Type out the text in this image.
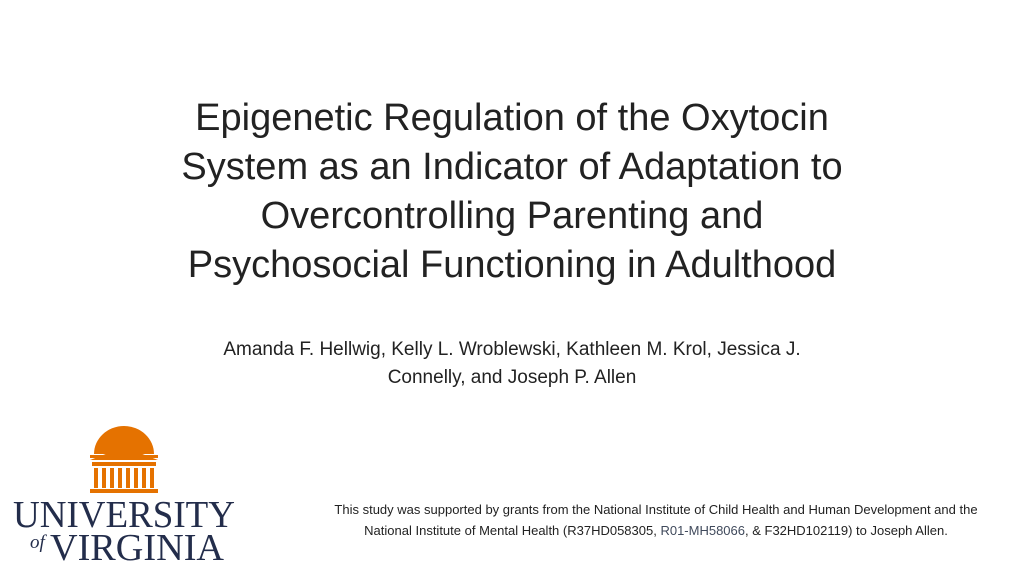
Epigenetic Regulation of the Oxytocin
System as an Indicator of Adaptation to
Overcontrolling Parenting and
Psychosocial Functioning in Adulthood
Amanda F. Hellwig, Kelly L. Wroblewski, Kathleen M. Krol, Jessica J.
Connelly, and Joseph P. Allen
UNIVERSITY
of VIRGINIA

This study was supported by grants from the National Institute of Child Health and Human Development and the National Institute of Mental Health (R37HD058305, R01-MH58066, & F32HD102119) to Joseph Allen.
